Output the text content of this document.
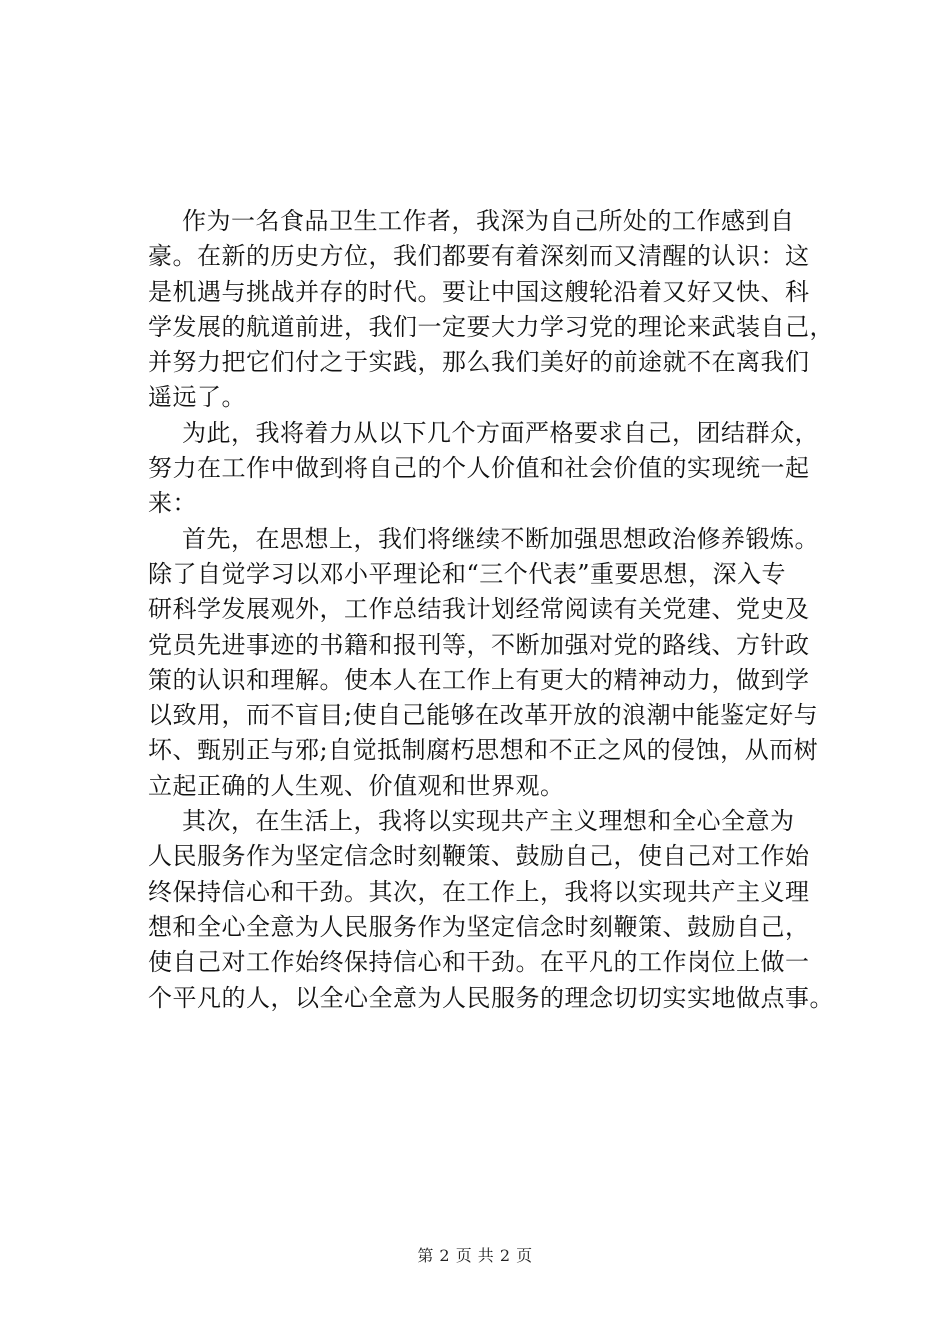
作为一名食品卫生工作者，我深为自己所处的工作感到自
豪。在新的历史方位，我们都要有着深刻而又清醒的认识：这
是机遇与挑战并存的时代。要让中国这艘轮沿着又好又快、科
学发展的航道前进，我们一定要大力学习党的理论来武装自己，
并努力把它们付之于实践，那么我们美好的前途就不在离我们
遥远了。
为此，我将着力从以下几个方面严格要求自己，团结群众，
努力在工作中做到将自己的个人价值和社会价值的实现统一起
来：
首先，在思想上，我们将继续不断加强思想政治修养锻炼。
除了自觉学习以邓小平理论和“三个代表”重要思想，深入专
研科学发展观外，工作总结我计划经常阅读有关党建、党史及
党员先进事迹的书籍和报刊等，不断加强对党的路线、方针政
策的认识和理解。使本人在工作上有更大的精神动力，做到学
以致用，而不盲目;使自己能够在改革开放的浪潮中能鉴定好与
坏、甄别正与邪;自觉抵制腐朽思想和不正之风的侵蚀，从而树
立起正确的人生观、价值观和世界观。
其次，在生活上，我将以实现共产主义理想和全心全意为
人民服务作为坚定信念时刻鞭策、鼓励自己，使自己对工作始
终保持信心和干劲。其次，在工作上，我将以实现共产主义理
想和全心全意为人民服务作为坚定信念时刻鞭策、鼓励自己，
使自己对工作始终保持信心和干劲。在平凡的工作岗位上做一
个平凡的人，以全心全意为人民服务的理念切切实实地做点事。
第 2 页 共 2 页
